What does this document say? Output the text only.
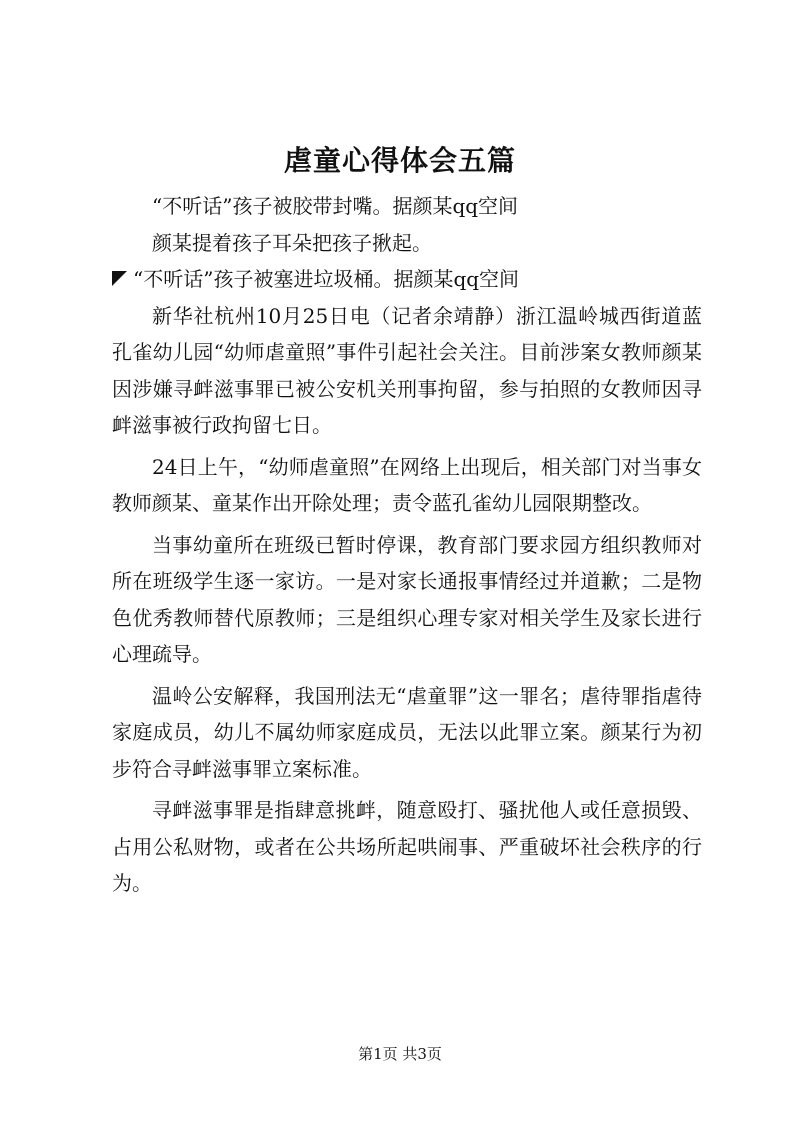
虐童心得体会五篇

“不听话”孩子被胶带封嘴。据颜某qq空间

颜某提着孩子耳朵把孩子揪起。

“不听话”孩子被塞进垃圾桶。据颜某qq空间

新华社杭州10月25日电（记者余靖静）浙江温岭城西街道蓝孔雀幼儿园“幼师虐童照”事件引起社会关注。目前涉案女教师颜某因涉嫌寻衅滋事罪已被公安机关刑事拘留，参与拍照的女教师因寻衅滋事被行政拘留七日。

24日上午，“幼师虐童照”在网络上出现后，相关部门对当事女教师颜某、童某作出开除处理；责令蓝孔雀幼儿园限期整改。

当事幼童所在班级已暂时停课，教育部门要求园方组织教师对所在班级学生逐一家访。一是对家长通报事情经过并道歉；二是物色优秀教师替代原教师；三是组织心理专家对相关学生及家长进行心理疏导。

温岭公安解释，我国刑法无“虐童罪”这一罪名；虐待罪指虐待家庭成员，幼儿不属幼师家庭成员，无法以此罪立案。颜某行为初步符合寻衅滋事罪立案标准。

寻衅滋事罪是指肆意挑衅，随意殴打、骚扰他人或任意损毁、占用公私财物，或者在公共场所起哄闹事、严重破坏社会秩序的行为。

第1页 共3页
